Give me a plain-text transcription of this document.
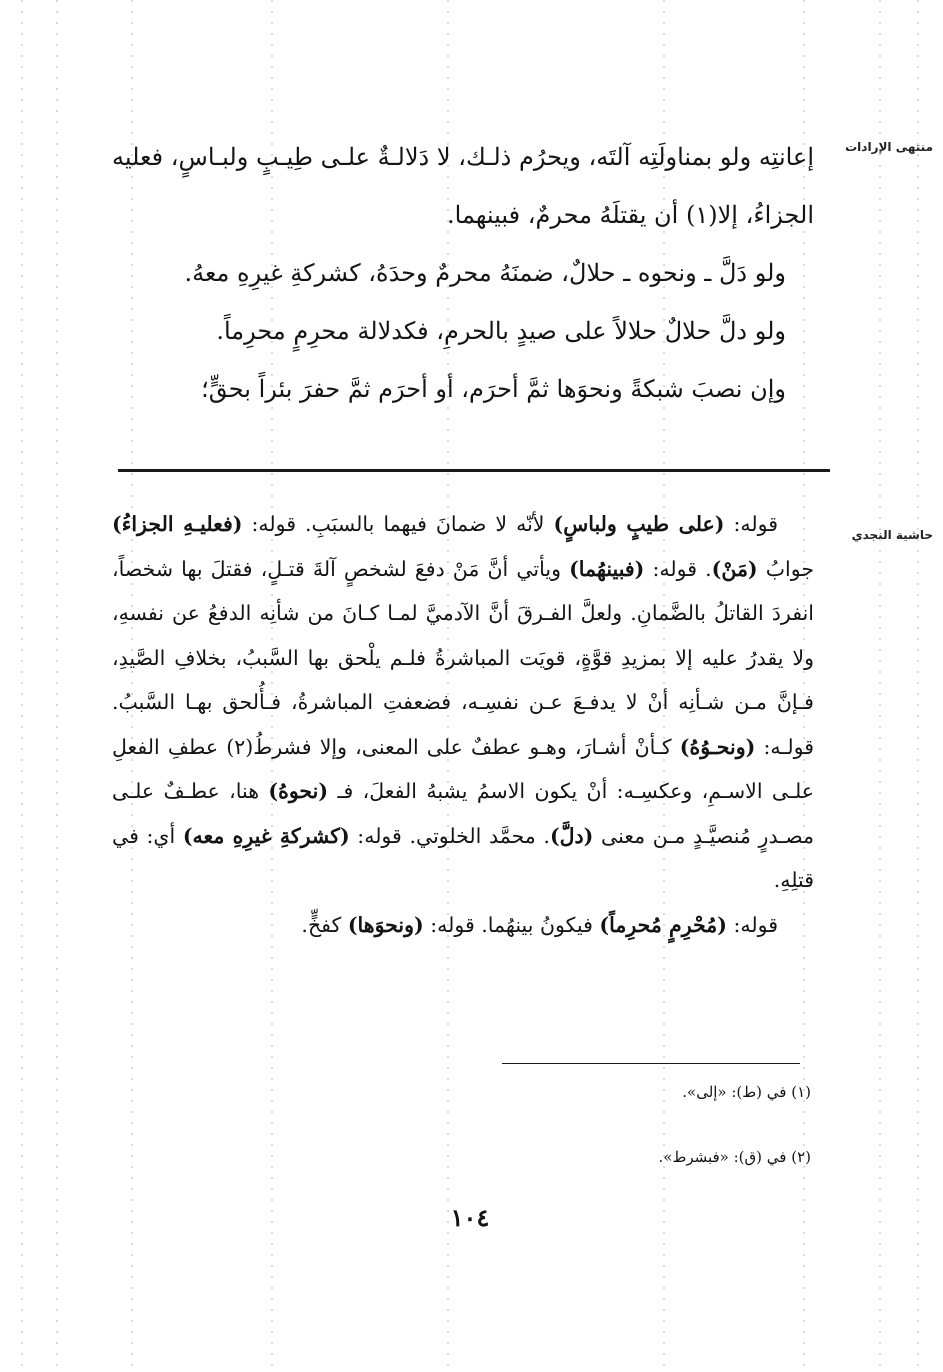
منتهى الإرادات
حاشية النجدي

إعانتِه ولو بمناولَتِه آلتَه، ويحرُم ذلـك، لا دَلالـةٌ علـى طِيـبٍ ولبـاسٍ، فعليه الجزاءُ، إلا(١) أن يقتلَهُ محرمٌ، فبينهما.

ولو دَلَّ ـ ونحوه ـ حلالٌ، ضمنَهُ محرمٌ وحدَهُ، كشركةِ غيرِهِ معهُ.

ولو دلَّ حلالٌ حلالاً على صيدٍ بالحرمِ، فكدلالة محرِمٍ محرِماً.

وإن نصبَ شبكةً ونحوَها ثمَّ أحرَم، أو أحرَم ثمَّ حفرَ بئراً بحقٍّ؛

قوله: (على طيبٍ ولباسٍ) لأنّه لا ضمانَ فيهما بالسبَبِ. قوله: (فعليـهِ الجزاءُ) جوابُ (مَنْ). قوله: (فبينهُما) ويأتي أنَّ مَنْ دفعَ لشخصٍ آلةَ قتـلٍ، فقتلَ بها شخصاً، انفردَ القاتلُ بالضَّمانِ. ولعلَّ الفـرقَ أنَّ الآدميَّ لمـا كـانَ من شأنِه الدفعُ عن نفسهِ، ولا يقدرُ عليه إلا بمزيدِ قوَّةٍ، قويَت المباشرةُ فلـم يلْحق بها السَّببُ، بخلافِ الصَّيدِ، فـإنَّ مـن شـأنِه أنْ لا يدفـعَ عـن نفسِـه، فضعفتِ المباشرةُ، فـأُلحق بهـا السَّببُ. قولـه: (ونحـوُهُ) كـأنْ أشـارَ، وهـو عطفٌ على المعنى، وإلا فشرطُ(٢) عطفِ الفعلِ علـى الاسـمِ، وعكسِـه: أنْ يكون الاسمُ يشبهُ الفعلَ، فـ (نحوهُ) هنا، عطـفٌ علـى مصـدرٍ مُنصيَّـدٍ مـن معنى (دلَّ). محمَّد الخلوتي. قوله: (كشركةِ غيرِهِ معه) أي: في قتلِهِ.

قوله: (مُحْرِمٍ مُحرِماً) فيكونُ بينهُما. قوله: (ونحوَها) كفخٍّ.

(١) في (ط): «إلى».
(٢) في (ق): «فبشرط».
١٠٤
